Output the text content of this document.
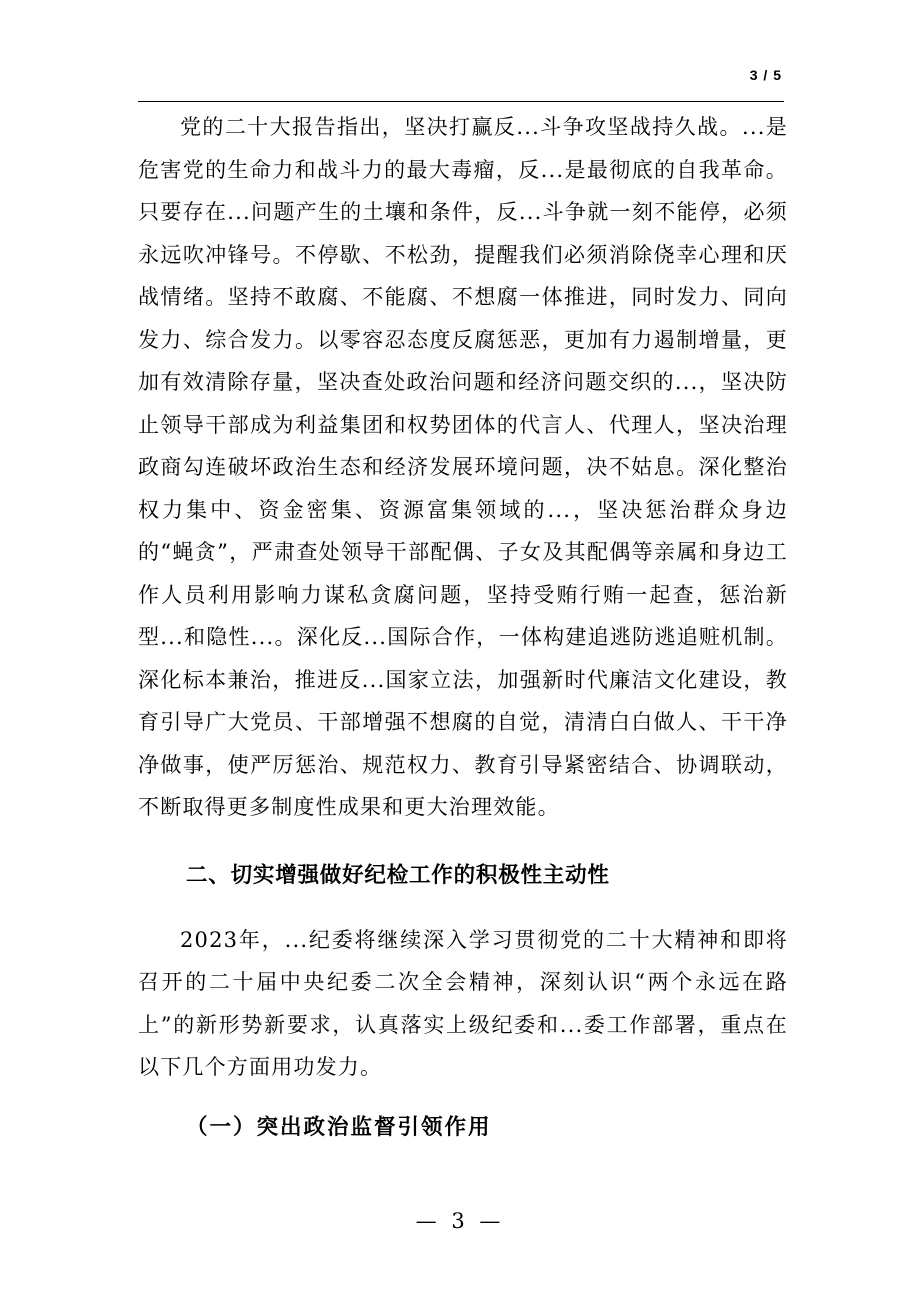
3 / 5

党的二十大报告指出，坚决打赢反...斗争攻坚战持久战。...是危害党的生命力和战斗力的最大毒瘤，反...是最彻底的自我革命。只要存在...问题产生的土壤和条件，反...斗争就一刻不能停，必须永远吹冲锋号。不停歇、不松劲，提醒我们必须消除侥幸心理和厌战情绪。坚持不敢腐、不能腐、不想腐一体推进，同时发力、同向发力、综合发力。以零容忍态度反腐惩恶，更加有力遏制增量，更加有效清除存量，坚决查处政治问题和经济问题交织的...，坚决防止领导干部成为利益集团和权势团体的代言人、代理人，坚决治理政商勾连破坏政治生态和经济发展环境问题，决不姑息。深化整治权力集中、资金密集、资源富集领域的...，坚决惩治群众身边的“蝇贪”，严肃查处领导干部配偶、子女及其配偶等亲属和身边工作人员利用影响力谋私贪腐问题，坚持受贿行贿一起查，惩治新型...和隐性...。深化反...国际合作，一体构建追逃防逃追赃机制。深化标本兼治，推进反...国家立法，加强新时代廉洁文化建设，教育引导广大党员、干部增强不想腐的自觉，清清白白做人、干干净净做事，使严厉惩治、规范权力、教育引导紧密结合、协调联动，不断取得更多制度性成果和更大治理效能。

二、切实增强做好纪检工作的积极性主动性

2023年，...纪委将继续深入学习贯彻党的二十大精神和即将召开的二十届中央纪委二次全会精神，深刻认识“两个永远在路上”的新形势新要求，认真落实上级纪委和...委工作部署，重点在以下几个方面用功发力。

（一）突出政治监督引领作用
— 3 —
